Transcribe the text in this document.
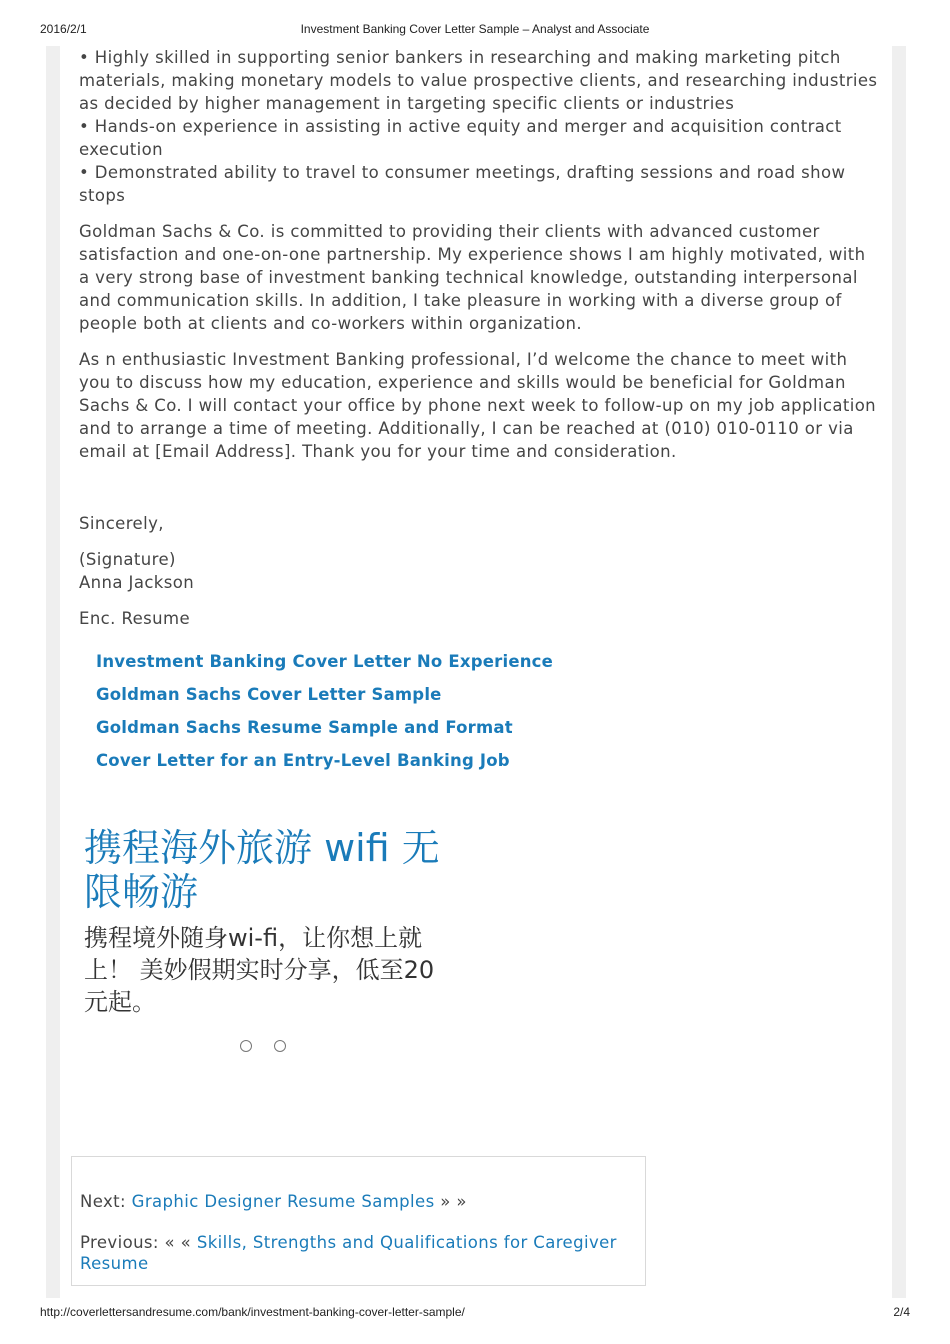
2016/2/1	Investment Banking Cover Letter Sample – Analyst and Associate

• Highly skilled in supporting senior bankers in researching and making marketing pitch materials, making monetary models to value prospective clients, and researching industries as decided by higher management in targeting specific clients or industries

• Hands-on experience in assisting in active equity and merger and acquisition contract execution

• Demonstrated ability to travel to consumer meetings, drafting sessions and road show stops

Goldman Sachs & Co. is committed to providing their clients with advanced customer satisfaction and one-on-one partnership. My experience shows I am highly motivated, with a very strong base of investment banking technical knowledge, outstanding interpersonal and communication skills. In addition, I take pleasure in working with a diverse group of people both at clients and co-workers within organization.

As n enthusiastic Investment Banking professional, I’d welcome the chance to meet with you to discuss how my education, experience and skills would be beneficial for Goldman Sachs & Co. I will contact your office by phone next week to follow-up on my job application and to arrange a time of meeting. Additionally, I can be reached at (010) 010-0110 or via email at [Email Address]. Thank you for your time and consideration.

Sincerely,

(Signature)

Anna Jackson

Enc. Resume

Investment Banking Cover Letter No Experience
Goldman Sachs Cover Letter Sample
Goldman Sachs Resume Sample and Format
Cover Letter for an Entry-Level Banking Job
携程海外旅游 wifi 无限畅游
携程境外随身wi-fi，让你想上就上！ 美妙假期实时分享，低至20元起。
Next: Graphic Designer Resume Samples » »
Previous: « « Skills, Strengths and Qualifications for Caregiver Resume
http://coverlettersandresume.com/bank/investment-banking-cover-letter-sample/	2/4
